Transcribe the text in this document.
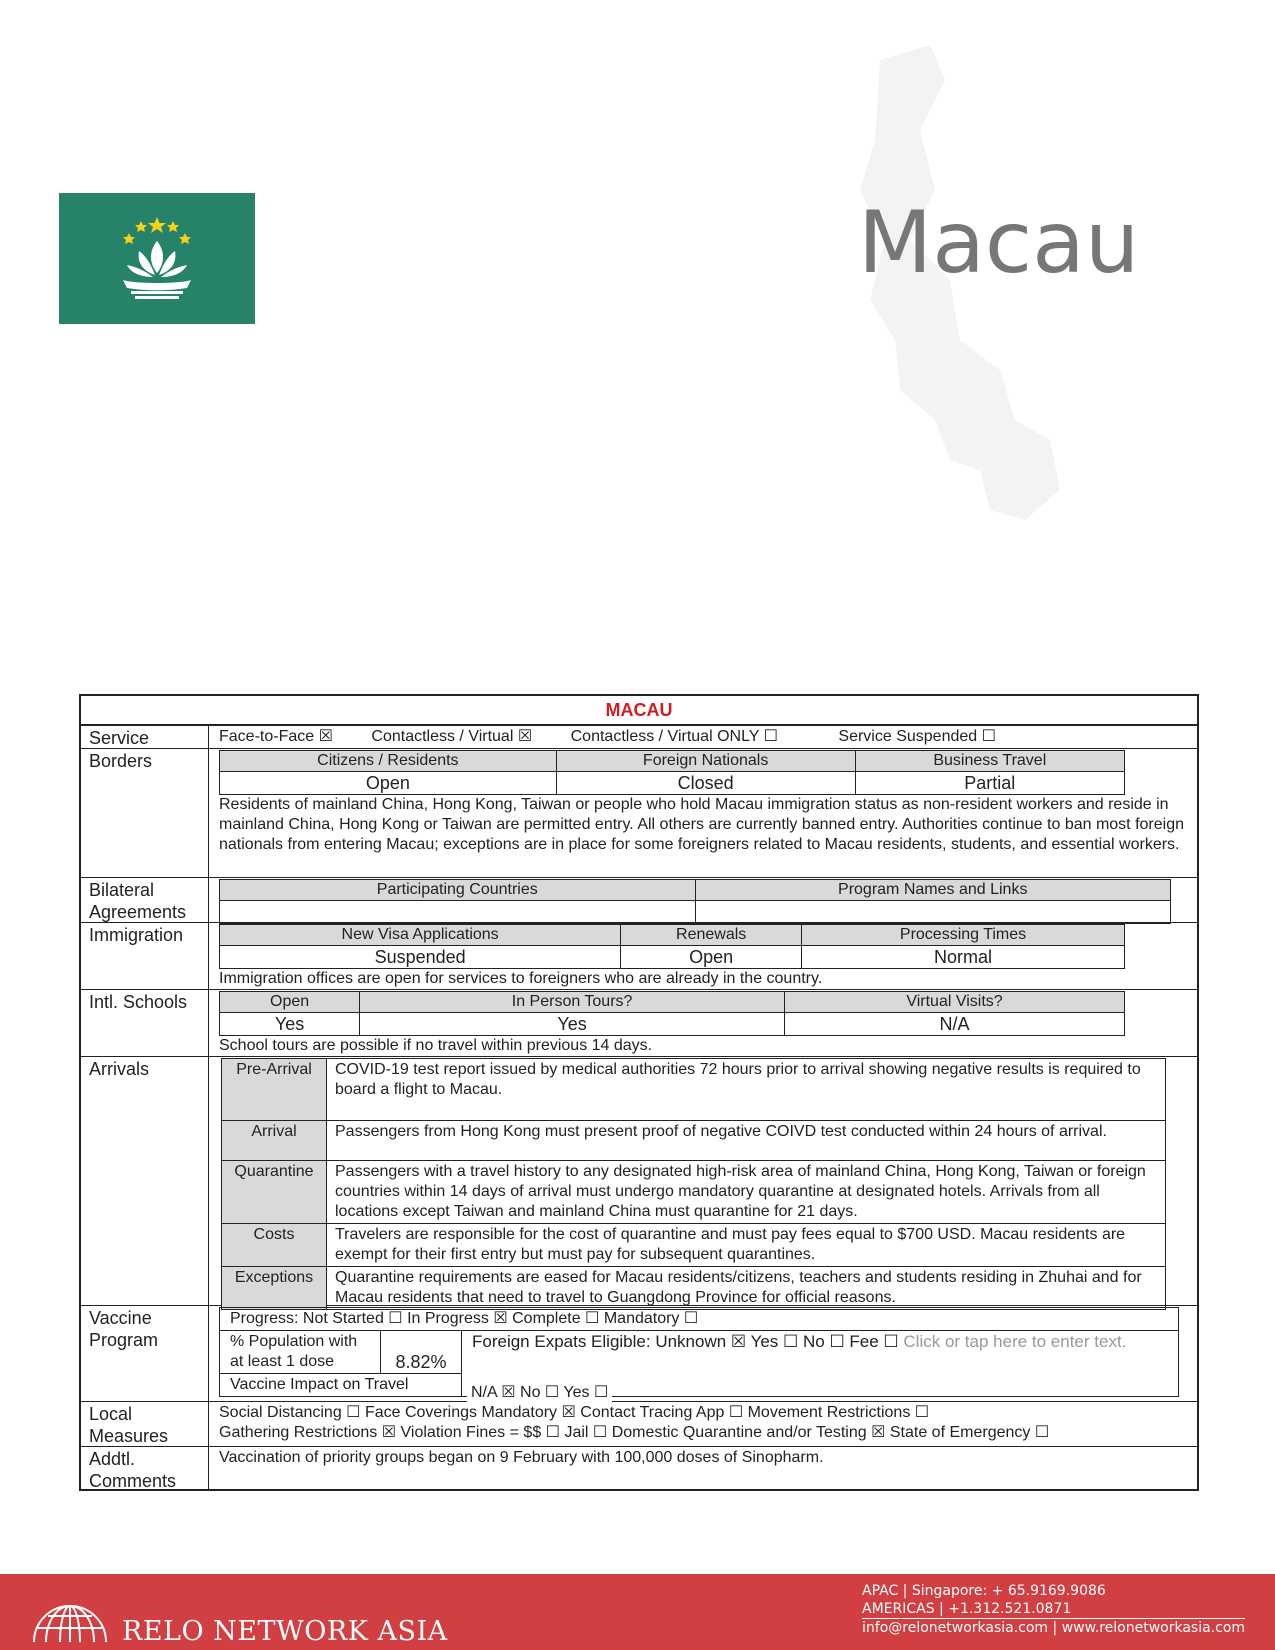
Macau
MACAU
Service	Face-to-Face ☒ Contactless / Virtual ☒ Contactless / Virtual ONLY ☐	Service Suspended ☐
Borders	Citizens / Residents	Foreign Nationals	Business Travel
Open	Closed	Partial
Residents of mainland China, Hong Kong, Taiwan or people who hold Macau immigration status as non-resident workers and reside in mainland China, Hong Kong or Taiwan are permitted entry. All others are currently banned entry. Authorities continue to ban most foreign nationals from entering Macau; exceptions are in place for some foreigners related to Macau residents, students, and essential workers.
Bilateral Agreements
Participating Countries	Program Names and Links

Immigration	New Visa Applications	Renewals	Processing Times
Suspended	Open	Normal
Immigration offices are open for services to foreigners who are already in the country.
Intl. Schools	Open	In Person Tours?	Virtual Visits?
Yes	Yes	N/A
School tours are possible if no travel within previous 14 days.
Arrivals	Pre-Arrival	COVID-19 test report issued by medical authorities 72 hours prior to arrival showing negative results is required to board a flight to Macau.
Arrival	Passengers from Hong Kong must present proof of negative COIVD test conducted within 24 hours of arrival.
Quarantine	Passengers with a travel history to any designated high-risk area of mainland China, Hong Kong, Taiwan or foreign countries within 14 days of arrival must undergo mandatory quarantine at designated hotels. Arrivals from all locations except Taiwan and mainland China must quarantine for 21 days.
Costs	Travelers are responsible for the cost of quarantine and must pay fees equal to $700 USD. Macau residents are exempt for their first entry but must pay for subsequent quarantines.
Exceptions	Quarantine requirements are eased for Macau residents/citizens, teachers and students residing in Zhuhai and for Macau residents that need to travel to Guangdong Province for official reasons.
Vaccine Program
Progress: Not Started ☐ In Progress ☒ Complete ☐ Mandatory ☐
% Population with at least 1 dose	8.82%	Foreign Expats Eligible: Unknown ☒ Yes ☐ No ☐ Fee ☐ Click or tap here to enter text.
Vaccine Impact on Travel	N/A ☒ No ☐ Yes ☐
Local Measures
Social Distancing ☐ Face Coverings Mandatory ☒ Contact Tracing App ☐ Movement Restrictions ☐
Gathering Restrictions ☒ Violation Fines = $$ ☐ Jail ☐ Domestic Quarantine and/or Testing ☒ State of Emergency ☐
Addtl. Comments
Vaccination of priority groups began on 9 February with 100,000 doses of Sinopharm.
RELO NETWORK ASIA
APAC | Singapore: + 65.9169.9086
AMERICAS | +1.312.521.0871
info@relonetworkasia.com | www.relonetworkasia.com
